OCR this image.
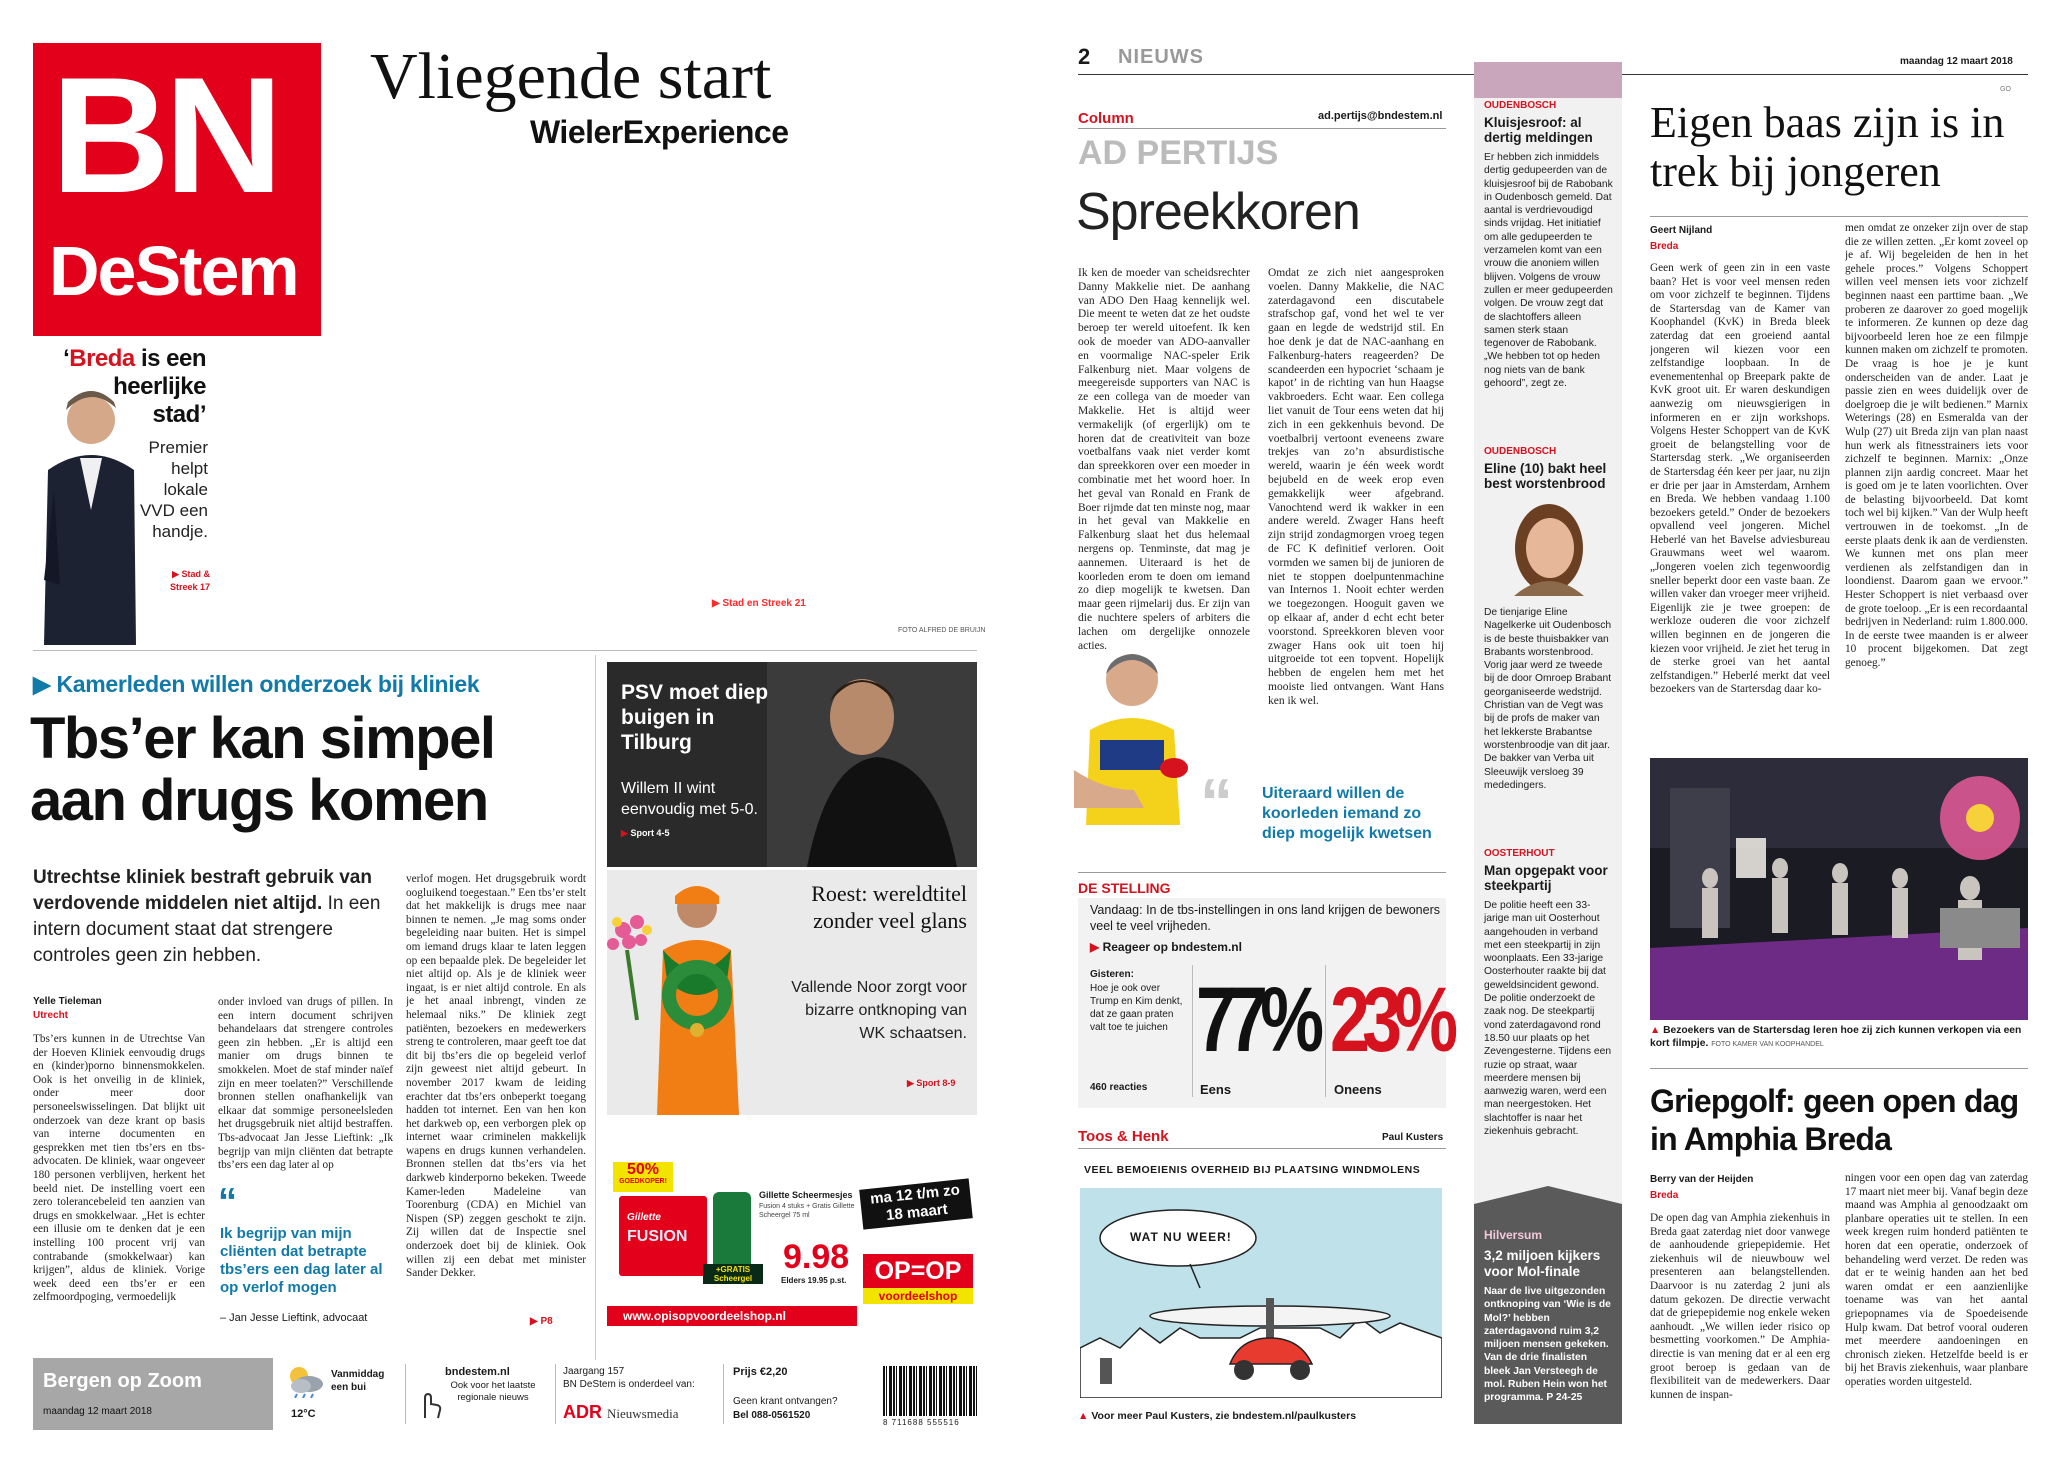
BN
DeStem
Vliegende start
WielerExperience
316
Roosendaal is een prachtig sportcomplex rijker.
▶ Stad en Streek 21
FOTO ALFRED DE BRUIJN
‘Breda is een heerlijke stad’
Premier helpt lokale VVD een handje.
▶ Stad & Streek 17
▶ Kamerleden willen onderzoek bij kliniek
Tbs’er kan simpel aan drugs komen
Utrechtse kliniek bestraft gebruik van verdovende middelen niet altijd. In een intern document staat dat strengere controles geen zin hebben.
Yelle Tieleman
Utrecht
Tbs’ers kunnen in de Utrechtse Van der Hoeven Kliniek eenvoudig drugs en (kinder)porno binnensmokkelen. Ook is het onveilig in de kliniek, onder meer door personeelswisselingen. Dat blijkt uit onderzoek van deze krant op basis van interne documenten en gesprekken met tien tbs’ers en tbs-advocaten. De kliniek, waar ongeveer 180 personen verblijven, herkent het beeld niet. De instelling voert een zero tolerancebeleid ten aanzien van drugs en smokkelwaar. „Het is echter een illusie om te denken dat je een instelling 100 procent vrij van contrabande (smokkelwaar) kan krijgen”, aldus de kliniek. Vorige week deed een tbs’er er een zelfmoordpoging, vermoedelijk
onder invloed van drugs of pillen. In een intern document schrijven behandelaars dat strengere controles geen zin hebben. „Er is altijd een manier om drugs binnen te smokkelen. Moet de staf minder naïef zijn en meer toelaten?” Verschillende bronnen stellen onafhankelijk van elkaar dat sommige personeelsleden het drugsgebruik niet altijd bestraffen. Tbs-advocaat Jan Jesse Lieftink: „Ik begrijp van mijn cliënten dat betrapte tbs’ers een dag later al op
“
Ik begrijp van mijn cliënten dat betrapte tbs’ers een dag later al op verlof mogen
– Jan Jesse Lieftink, advocaat
verlof mogen. Het drugsgebruik wordt oogluikend toegestaan.” Een tbs’er stelt dat het makkelijk is drugs mee naar binnen te nemen. „Je mag soms onder begeleiding naar buiten. Het is simpel om iemand drugs klaar te laten leggen op een bepaalde plek. De begeleider let niet altijd op. Als je de kliniek weer ingaat, is er niet altijd controle. En als je het anaal inbrengt, vinden ze helemaal niks.” De kliniek zegt patiënten, bezoekers en medewerkers streng te controleren, maar geeft toe dat dit bij tbs’ers die op begeleid verlof zijn geweest niet altijd gebeurt. In november 2017 kwam de leiding erachter dat tbs’ers onbeperkt toegang hadden tot internet. Een van hen kon het darkweb op, een verborgen plek op internet waar criminelen makkelijk wapens en drugs kunnen verhandelen. Bronnen stellen dat tbs’ers via het darkweb kinderporno bekeken. Tweede Kamer-leden Madeleine van Toorenburg (CDA) en Michiel van Nispen (SP) zeggen geschokt te zijn. Zij willen dat de Inspectie snel onderzoek doet bij de kliniek. Ook willen zij een debat met minister Sander Dekker.
▶ P8
PSV moet diep buigen in Tilburg
Willem II wint eenvoudig met 5-0.
▶ Sport 4-5
Roest: wereldtitel zonder veel glans
Vallende Noor zorgt voor bizarre ontknoping van WK schaatsen.
▶ Sport 8-9
50%
GOEDKOPER!
Gillette
FUSION
+GRATIS Scheergel
Gillette Scheermesjes
Fusion 4 stuks + Gratis Gillette Scheergel 75 ml
ma 12 t/m zo 18 maart
9.98
Elders 19.95 p.st.	OP=OP
voordeelshop
www.opisopvoordeelshop.nl
Bergen op Zoom
maandag 12 maart 2018
Vanmiddag een bui
12°C
bndestem.nl
Ook voor het laatste regionale nieuws
Jaargang 157
BN DeStem is onderdeel van:
ADR Nieuwsmedia
Prijs €2,20
Geen krant ontvangen?
Bel 088-0561520
8 711688 555516
2 NIEUWS	maandag 12 maart 2018
GO
Column	ad.pertijs@bndestem.nl
AD PERTIJS
Spreekkoren
Ik ken de moeder van scheidsrechter Danny Makkelie niet. De aanhang van ADO Den Haag kennelijk wel. Die meent te weten dat ze het oudste beroep ter wereld uitoefent. Ik ken ook de moeder van ADO-aanvaller en voormalige NAC-speler Erik Falkenburg niet. Maar volgens de meegereisde supporters van NAC is ze een collega van de moeder van Makkelie. Het is altijd weer vermakelijk (of ergerlijk) om te horen dat de creativiteit van boze voetbalfans vaak niet verder komt dan spreekkoren over een moeder in combinatie met het woord hoer. In het geval van Ronald en Frank de Boer rijmde dat ten minste nog, maar in het geval van Makkelie en Falkenburg slaat het dus helemaal nergens op. Tenminste, dat mag je aannemen. Uiteraard is het de koorleden erom te doen om iemand zo diep mogelijk te kwetsen. Dan maar geen rijmelarij dus. Er zijn van die nuchtere spelers of arbiters die lachen om dergelijke onnozele acties.
Omdat ze zich niet aangesproken voelen. Danny Makkelie, die NAC zaterdagavond een discutabele strafschop gaf, vond het wel te ver gaan en legde de wedstrijd stil. En hoe denk je dat de NAC-aanhang en Falkenburg-haters reageerden? De scandeerden een hypocriet ‘schaam je kapot’ in de richting van hun Haagse vakbroeders. Echt waar. Een collega liet vanuit de Tour eens weten dat hij zich in een gekkenhuis bevond. De voetbalbrij vertoont eveneens zware trekjes van zo’n absurdistische wereld, waarin je één week wordt bejubeld en de week erop even gemakkelijk weer afgebrand. Vanochtend werd ik wakker in een andere wereld. Zwager Hans heeft zijn strijd zondagmorgen vroeg tegen de FC K definitief verloren. Ooit vormden we samen bij de junioren de niet te stoppen doelpuntenmachine van Internos 1. Nooit echter werden we toegezongen. Hooguit gaven we op elkaar af, ander d echt echt beter voorstond. Spreekkoren bleven voor zwager Hans ook uit toen hij uitgroeide tot een topvent. Hopelijk hebben de engelen hem met het mooiste lied ontvangen. Want Hans ken ik wel.
“ Uiteraard willen de koorleden iemand zo diep mogelijk kwetsen
DE STELLING
Vandaag: In de tbs-instellingen in ons land krijgen de bewoners veel te veel vrijheden.
▶ Reageer op bndestem.nl
Gisteren:
Hoe je ook over Trump en Kim denkt, dat ze gaan praten valt toe te juichen
460 reacties
77%
Eens
23%
Oneens
Toos & Henk	Paul Kusters
VEEL BEMOEIENIS OVERHEID BIJ PLAATSING WINDMOLENS
WAT NU WEER!
▲ Voor meer Paul Kusters, zie bndestem.nl/paulkusters
OUDENBOSCH
Kluisjesroof: al dertig meldingen
Er hebben zich inmiddels dertig gedupeerden van de kluisjesroof bij de Rabobank in Oudenbosch gemeld. Dat aantal is verdrievoudigd sinds vrijdag. Het initiatief om alle gedupeerden te verzamelen komt van een vrouw die anoniem willen blijven. Volgens de vrouw zullen er meer gedupeerden volgen. De vrouw zegt dat de slachtoffers alleen samen sterk staan tegenover de Rabobank. „We hebben tot op heden nog niets van de bank gehoord”, zegt ze.
OUDENBOSCH
Eline (10) bakt heel best worstenbrood
De tienjarige Eline Nagelkerke uit Oudenbosch is de beste thuisbakker van Brabants worstenbrood. Vorig jaar werd ze tweede bij de door Omroep Brabant georganiseerde wedstrijd. Christian van de Vegt was bij de profs de maker van het lekkerste Brabantse worstenbroodje van dit jaar. De bakker van Verba uit Sleeuwijk versloeg 39 mededingers.
OOSTERHOUT
Man opgepakt voor steekpartij
De politie heeft een 33-jarige man uit Oosterhout aangehouden in verband met een steekpartij in zijn woonplaats. Een 33-jarige Oosterhouter raakte bij dat geweldsincident gewond. De politie onderzoekt de zaak nog. De steekpartij vond zaterdagavond rond 18.50 uur plaats op het Zevengesterne. Tijdens een ruzie op straat, waar meerdere mensen bij aanwezig waren, werd een man neergestoken. Het slachtoffer is naar het ziekenhuis gebracht.
Hilversum
3,2 miljoen kijkers voor Mol-finale
Naar de live uitgezonden ontknoping van ‘Wie is de Mol?’ hebben zaterdagavond ruim 3,2 miljoen mensen gekeken. Van de drie finalisten bleek Jan Versteegh de mol. Ruben Hein won het programma. P 24-25
Eigen baas zijn is in trek bij jongeren
Geert Nijland
Breda
Geen werk of geen zin in een vaste baan? Het is voor veel mensen reden om voor zichzelf te beginnen. Tijdens de Startersdag van de Kamer van Koophandel (KvK) in Breda bleek zaterdag dat een groeiend aantal jongeren wil kiezen voor een zelfstandige loopbaan. In de evenementenhal op Breepark pakte de KvK groot uit. Er waren deskundigen aanwezig om nieuwsgierigen in informeren en er zijn workshops. Volgens Hester Schoppert van de KvK groeit de belangstelling voor de Startersdag sterk. „We organiseerden de Startersdag één keer per jaar, nu zijn er drie per jaar in Amsterdam, Arnhem en Breda. We hebben vandaag 1.100 bezoekers geteld.” Onder de bezoekers opvallend veel jongeren. Michel Heberlé van het Bavelse adviesbureau Grauwmans weet wel waarom. „Jongeren voelen zich tegenwoordig sneller beperkt door een vaste baan. Ze willen vaker dan vroeger meer vrijheid. Eigenlijk zie je twee groepen: de werkloze ouderen die voor zichzelf willen beginnen en de jongeren die kiezen voor vrijheid. Je ziet het terug in de sterke groei van het aantal zelfstandigen.” Heberlé merkt dat veel bezoekers van de Startersdag daar ko-
men omdat ze onzeker zijn over de stap die ze willen zetten. „Er komt zoveel op je af. Wij begeleiden de hen in het gehele proces.” Volgens Schoppert willen veel mensen iets voor zichzelf beginnen naast een parttime baan. „We proberen ze daarover zo goed mogelijk te informeren. Ze kunnen op deze dag bijvoorbeeld leren hoe ze een filmpje kunnen maken om zichzelf te promoten. De vraag is hoe je je kunt onderscheiden van de ander. Laat je passie zien en wees duidelijk over de doelgroep die je wilt bedienen.” Marnix Weterings (28) en Esmeralda van der Wulp (27) uit Breda zijn van plan naast hun werk als fitnesstrainers iets voor zichzelf te beginnen. Marnix: „Onze plannen zijn aardig concreet. Maar het is goed om je te laten voorlichten. Over de belasting bijvoorbeeld. Dat komt toch wel bij kijken.” Van der Wulp heeft vertrouwen in de toekomst. „In de eerste plaats denk ik aan de verdiensten. We kunnen met ons plan meer verdienen als zelfstandigen dan in loondienst. Daarom gaan we ervoor.” Hester Schoppert is niet verbaasd over de grote toeloop. „Er is een recordaantal bedrijven in Nederland: ruim 1.800.000. In de eerste twee maanden is er alweer 10 procent bijgekomen. Dat zegt genoeg.”
▲ Bezoekers van de Startersdag leren hoe zij zich kunnen verkopen via een kort filmpje. FOTO KAMER VAN KOOPHANDEL
Griepgolf: geen open dag in Amphia Breda
Berry van der Heijden
Breda
De open dag van Amphia ziekenhuis in Breda gaat zaterdag niet door vanwege de aanhoudende griepepidemie. Het ziekenhuis wil de nieuwbouw wel presenteren aan belangstellenden. Daarvoor is nu zaterdag 2 juni als datum gekozen. De directie verwacht dat de griepepidemie nog enkele weken aanhoudt. „We willen ieder risico op besmetting voorkomen.” De Amphia-directie is van mening dat er al een erg groot beroep is gedaan van de flexibiliteit van de medewerkers. Daar kunnen de inspan-
ningen voor een open dag van zaterdag 17 maart niet meer bij. Vanaf begin deze maand was Amphia al genoodzaakt om planbare operaties uit te stellen. In een week kregen ruim honderd patiënten te horen dat een operatie, onderzoek of behandeling werd verzet. De reden was dat er te weinig handen aan het bed waren omdat er een aanzienlijke toename was van het aantal griepopnames via de Spoedeisende Hulp kwam. Dat betrof vooral ouderen met meerdere aandoeningen en chronisch zieken. Hetzelfde beeld is er bij het Bravis ziekenhuis, waar planbare operaties worden uitgesteld.
